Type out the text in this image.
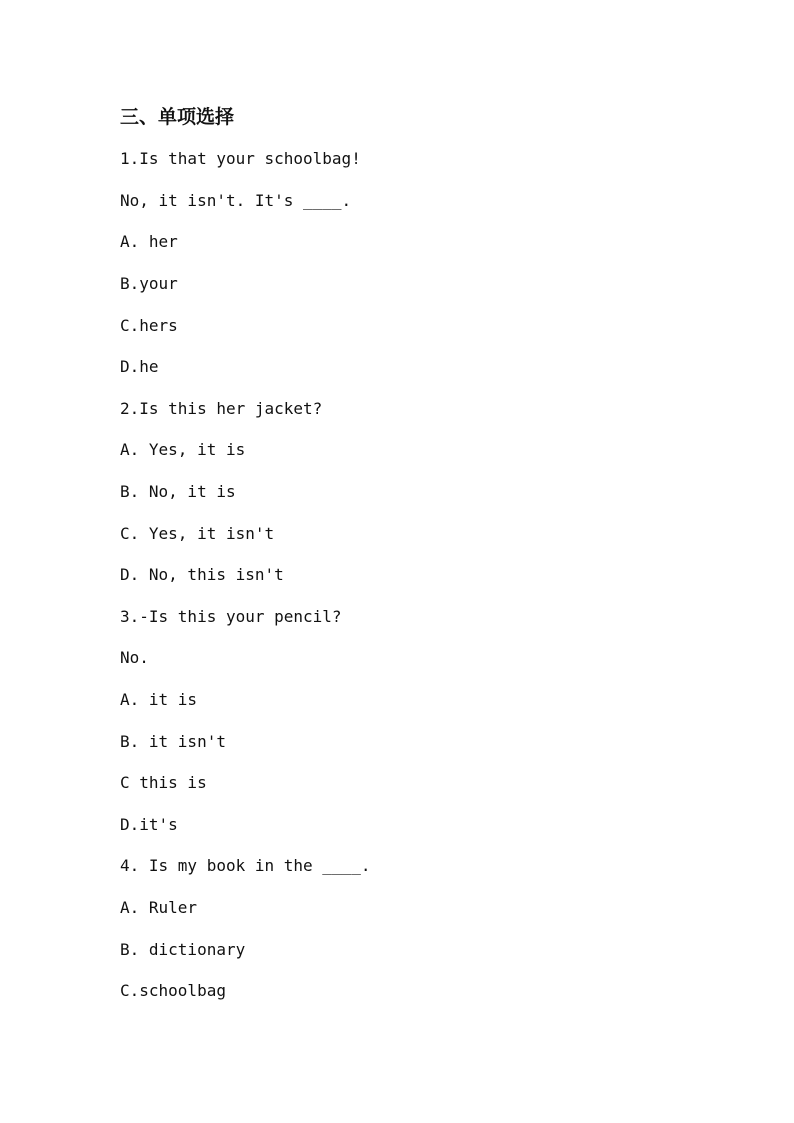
三、单项选择
1.Is that your schoolbag!
No, it isn't. It's ____.
A. her
B.your
C.hers
D.he
2.Is this her jacket?
A. Yes, it is
B. No, it is
C. Yes, it isn't
D. No, this isn't
3.-Is this your pencil?
No.
A. it is
B. it isn't
C this is
D.it's
4. Is my book in the ____.
A. Ruler
B. dictionary
C.schoolbag
